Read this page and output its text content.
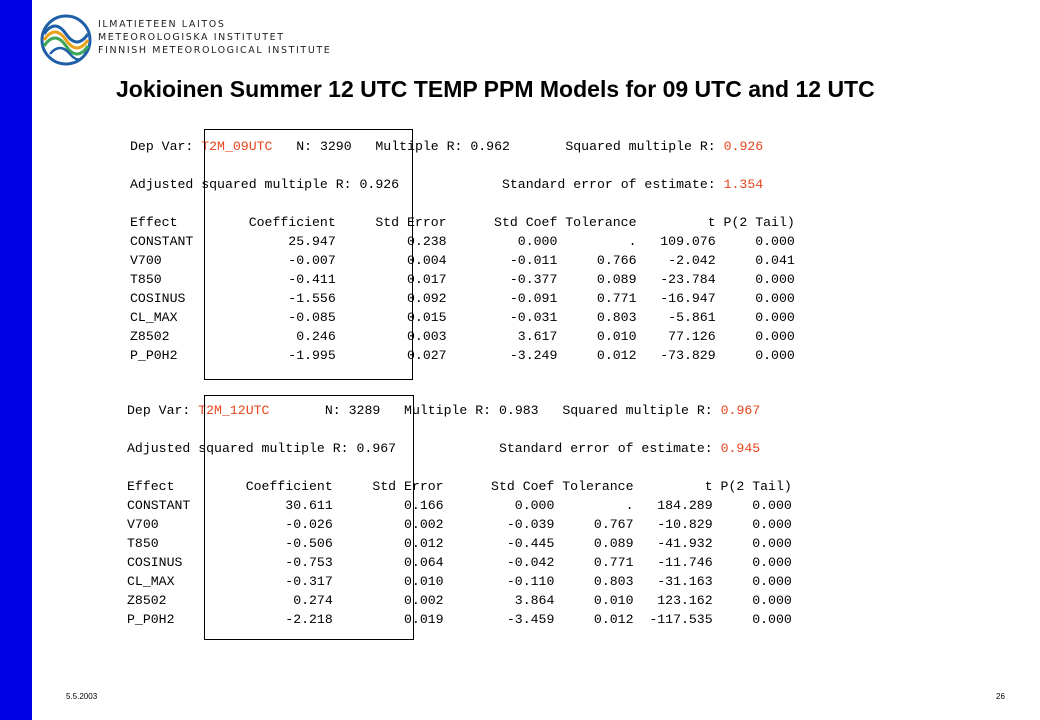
ILMATIETEEN LAITOS
METEOROLOGISKA INSTITUTET
FINNISH METEOROLOGICAL INSTITUTE
Jokioinen Summer 12 UTC TEMP PPM Models for 09 UTC and 12 UTC
Dep Var: T2M_09UTC N: 3290 Multiple R: 0.962	Squared multiple R: 0.926

Adjusted squared multiple R: 0.926	Standard error of estimate: 1.354

Effect         Coefficient     Std Error      Std Coef Tolerance         t P(2 Tail)
CONSTANT            25.947         0.238         0.000         .   109.076     0.000
V700                -0.007         0.004        -0.011     0.766    -2.042     0.041
T850                -0.411         0.017        -0.377     0.089   -23.784     0.000
COSINUS             -1.556         0.092        -0.091     0.771   -16.947     0.000
CL_MAX              -0.085         0.015        -0.031     0.803    -5.861     0.000
Z8502                0.246         0.003         3.617     0.010    77.126     0.000
P_P0H2              -1.995         0.027        -3.249     0.012   -73.829     0.000
Dep Var: T2M_12UTC	N: 3289 Multiple R: 0.983 Squared multiple R: 0.967

Adjusted squared multiple R: 0.967	Standard error of estimate: 0.945

Effect         Coefficient     Std Error      Std Coef Tolerance         t P(2 Tail)
CONSTANT            30.611         0.166         0.000         .   184.289     0.000
V700                -0.026         0.002        -0.039     0.767   -10.829     0.000
T850                -0.506         0.012        -0.445     0.089   -41.932     0.000
COSINUS             -0.753         0.064        -0.042     0.771   -11.746     0.000
CL_MAX              -0.317         0.010        -0.110     0.803   -31.163     0.000
Z8502                0.274         0.002         3.864     0.010   123.162     0.000
P_P0H2              -2.218         0.019        -3.459     0.012  -117.535     0.000
5.5.2003	26
